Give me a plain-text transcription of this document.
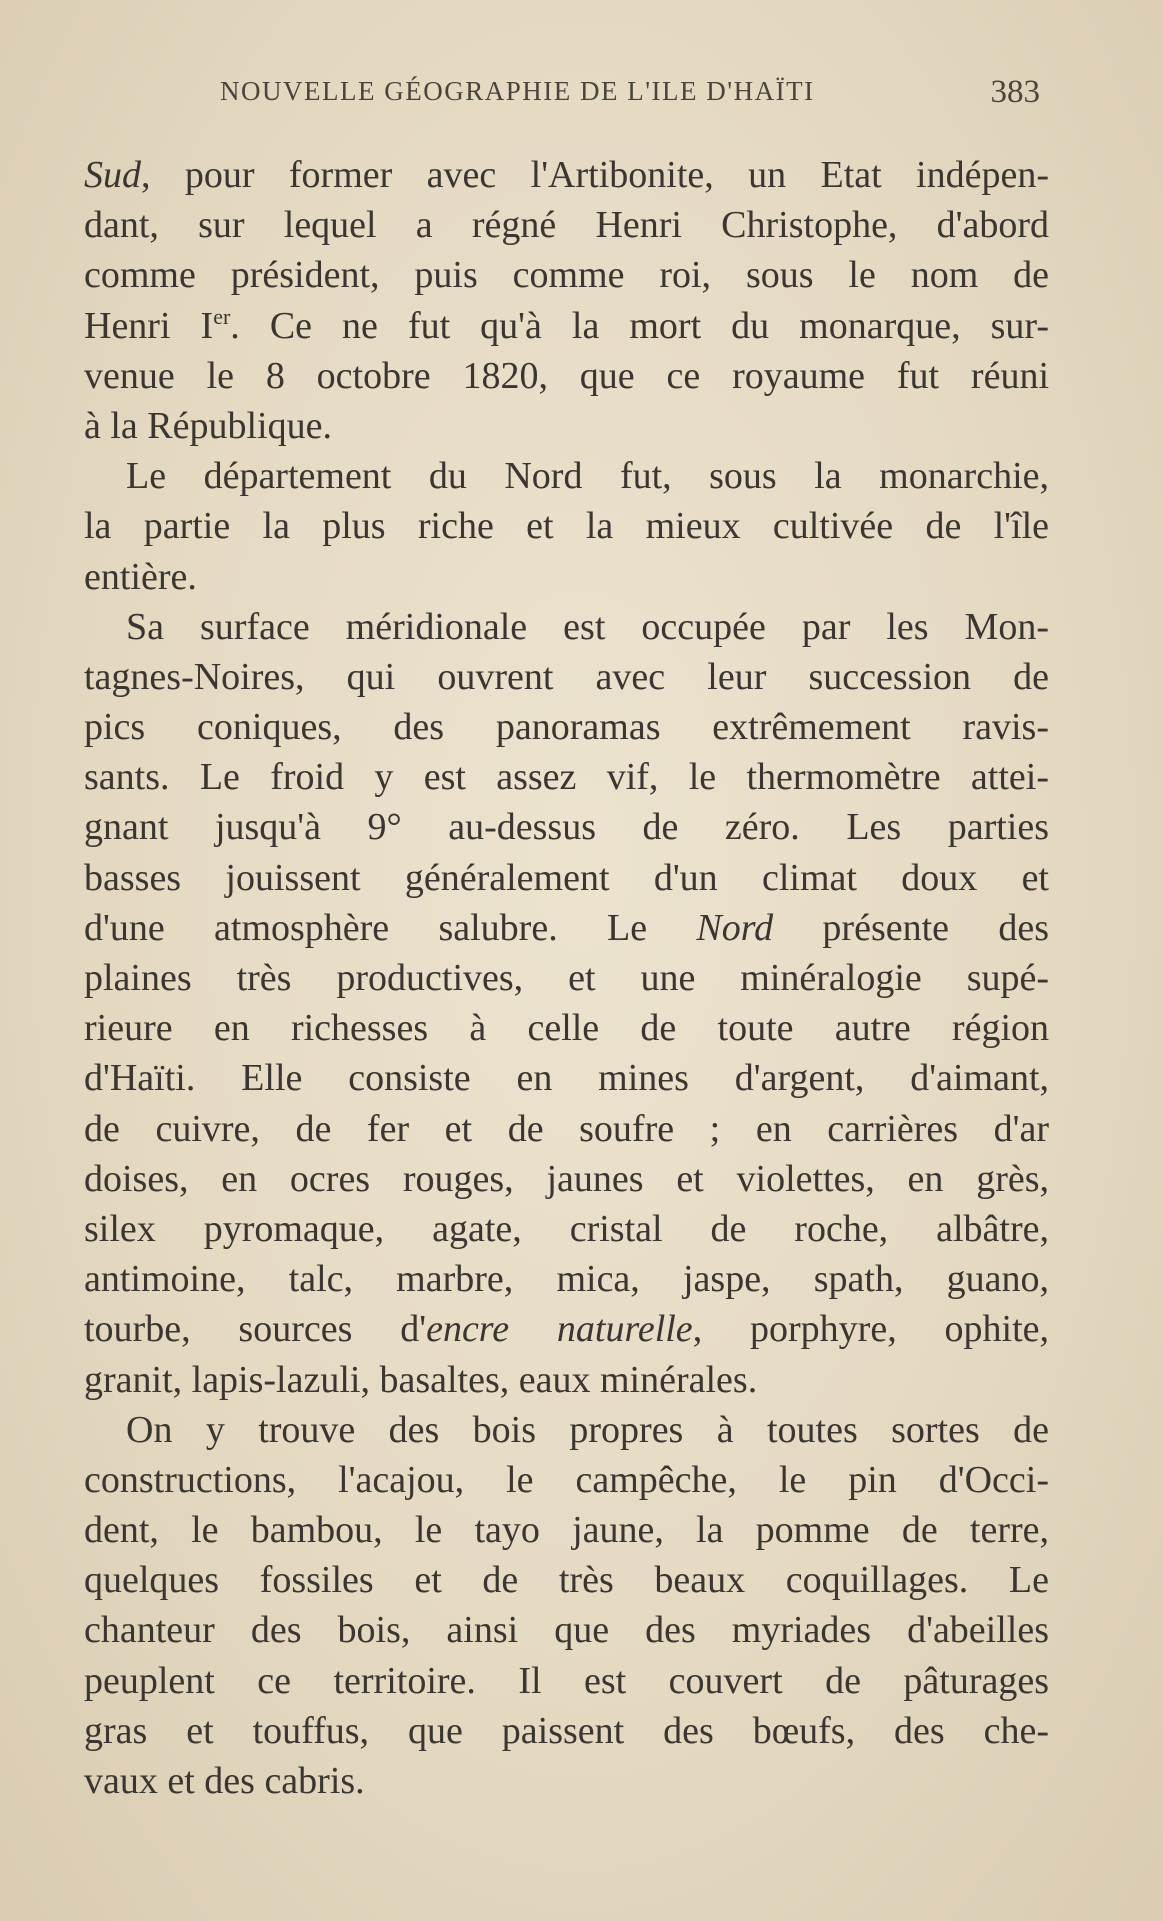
NOUVELLE GÉOGRAPHIE DE L'ILE D'HAÏTI	383
Sud, pour former avec l'Artibonite, un Etat indépen-
dant, sur lequel a régné Henri Christophe, d'abord
comme président, puis comme roi, sous le nom de
Henri Ier. Ce ne fut qu'à la mort du monarque, sur-
venue le 8 octobre 1820, que ce royaume fut réuni
à la République.
Le département du Nord fut, sous la monarchie,
la partie la plus riche et la mieux cultivée de l'île
entière.
Sa surface méridionale est occupée par les Mon-
tagnes-Noires, qui ouvrent avec leur succession de
pics coniques, des panoramas extrêmement ravis-
sants. Le froid y est assez vif, le thermomètre attei-
gnant jusqu'à 9° au-dessus de zéro. Les parties
basses jouissent généralement d'un climat doux et
d'une atmosphère salubre. Le Nord présente des
plaines très productives, et une minéralogie supé-
rieure en richesses à celle de toute autre région
d'Haïti. Elle consiste en mines d'argent, d'aimant,
de cuivre, de fer et de soufre ; en carrières d'ar
doises, en ocres rouges, jaunes et violettes, en grès,
silex pyromaque, agate, cristal de roche, albâtre,
antimoine, talc, marbre, mica, jaspe, spath, guano,
tourbe, sources d'encre naturelle, porphyre, ophite,
granit, lapis-lazuli, basaltes, eaux minérales.
On y trouve des bois propres à toutes sortes de
constructions, l'acajou, le campêche, le pin d'Occi-
dent, le bambou, le tayo jaune, la pomme de terre,
quelques fossiles et de très beaux coquillages. Le
chanteur des bois, ainsi que des myriades d'abeilles
peuplent ce territoire. Il est couvert de pâturages
gras et touffus, que paissent des bœufs, des che-
vaux et des cabris.
